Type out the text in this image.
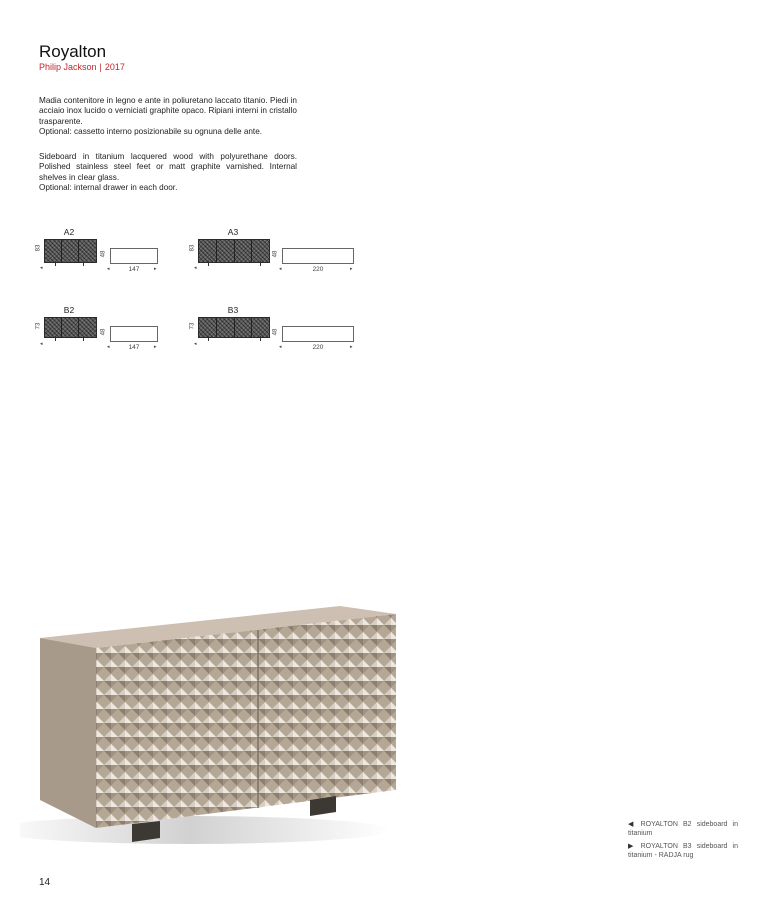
Royalton
Philip Jackson | 2017

Madia contenitore in legno e ante in poliuretano laccato titanio. Piedi in acciaio inox lucido o verniciati graphite opaco. Ripiani interni in cristallo trasparente.

Optional: cassetto interno posizionabile su ognuna delle ante.

Sideboard in titanium lacquered wood with polyurethane doors. Polished stainless steel feet or matt graphite varnished. Internal shelves in clear glass.

Optional: internal drawer in each door.

A2
83
48
147
◂	◂	▸
A3
83
48
220
◂	◂	▸
B2
73
48
147
◂	◂	▸
B3
73
48
220
◂	◂	▸
◀ ROYALTON B2 sideboard in titanium
▶ ROYALTON B3 sideboard in titanium - RADJA rug
14
